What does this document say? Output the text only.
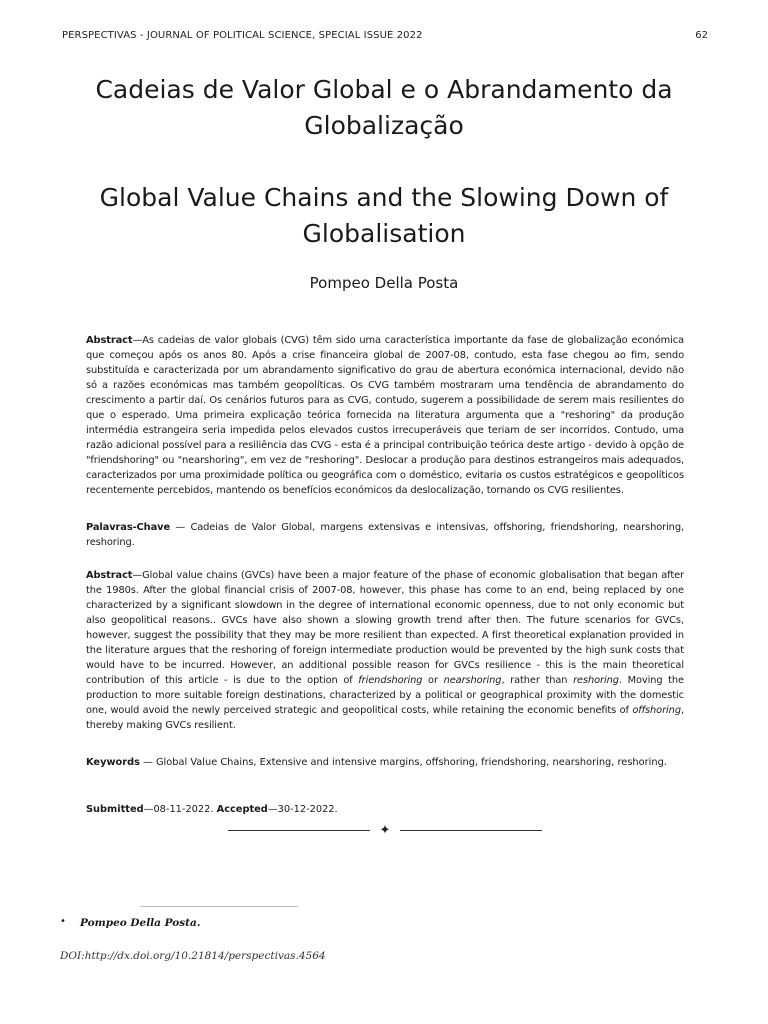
PERSPECTIVAS - JOURNAL OF POLITICAL SCIENCE, SPECIAL ISSUE 2022	62
Cadeias de Valor Global e o Abrandamento da Globalização
Global Value Chains and the Slowing Down of Globalisation
Pompeo Della Posta
Abstract—As cadeias de valor globais (CVG) têm sido uma característica importante da fase de globalização económica que começou após os anos 80. Após a crise financeira global de 2007-08, contudo, esta fase chegou ao fim, sendo substituída e caracterizada por um abrandamento significativo do grau de abertura económica internacional, devido não só a razões económicas mas também geopolíticas. Os CVG também mostraram uma tendência de abrandamento do crescimento a partir daí. Os cenários futuros para as CVG, contudo, sugerem a possibilidade de serem mais resilientes do que o esperado. Uma primeira explicação teórica fornecida na literatura argumenta que a "reshoring" da produção intermédia estrangeira seria impedida pelos elevados custos irrecuperáveis que teriam de ser incorridos. Contudo, uma razão adicional possível para a resiliência das CVG - esta é a principal contribuição teórica deste artigo - devido à opção de "friendshoring" ou "nearshoring", em vez de "reshoring". Deslocar a produção para destinos estrangeiros mais adequados, caracterizados por uma proximidade política ou geográfica com o doméstico, evitaria os custos estratégicos e geopolíticos recentemente percebidos, mantendo os benefícios económicos da deslocalização, tornando os CVG resilientes.
Palavras-Chave — Cadeias de Valor Global, margens extensivas e intensivas, offshoring, friendshoring, nearshoring, reshoring.
Abstract—Global value chains (GVCs) have been a major feature of the phase of economic globalisation that began after the 1980s. After the global financial crisis of 2007-08, however, this phase has come to an end, being replaced by one characterized by a significant slowdown in the degree of international economic openness, due to not only economic but also geopolitical reasons.. GVCs have also shown a slowing growth trend after then. The future scenarios for GVCs, however, suggest the possibility that they may be more resilient than expected. A first theoretical explanation provided in the literature argues that the reshoring of foreign intermediate production would be prevented by the high sunk costs that would have to be incurred. However, an additional possible reason for GVCs resilience - this is the main theoretical contribution of this article - is due to the option of friendshoring or nearshoring, rather than reshoring. Moving the production to more suitable foreign destinations, characterized by a political or geographical proximity with the domestic one, would avoid the newly perceived strategic and geopolitical costs, while retaining the economic benefits of offshoring, thereby making GVCs resilient.
Keywords — Global Value Chains, Extensive and intensive margins, offshoring, friendshoring, nearshoring, reshoring.
Submitted—08-11-2022. Accepted—30-12-2022.
✦
• Pompeo Della Posta.
DOI:http://dx.doi.org/10.21814/perspectivas.4564
